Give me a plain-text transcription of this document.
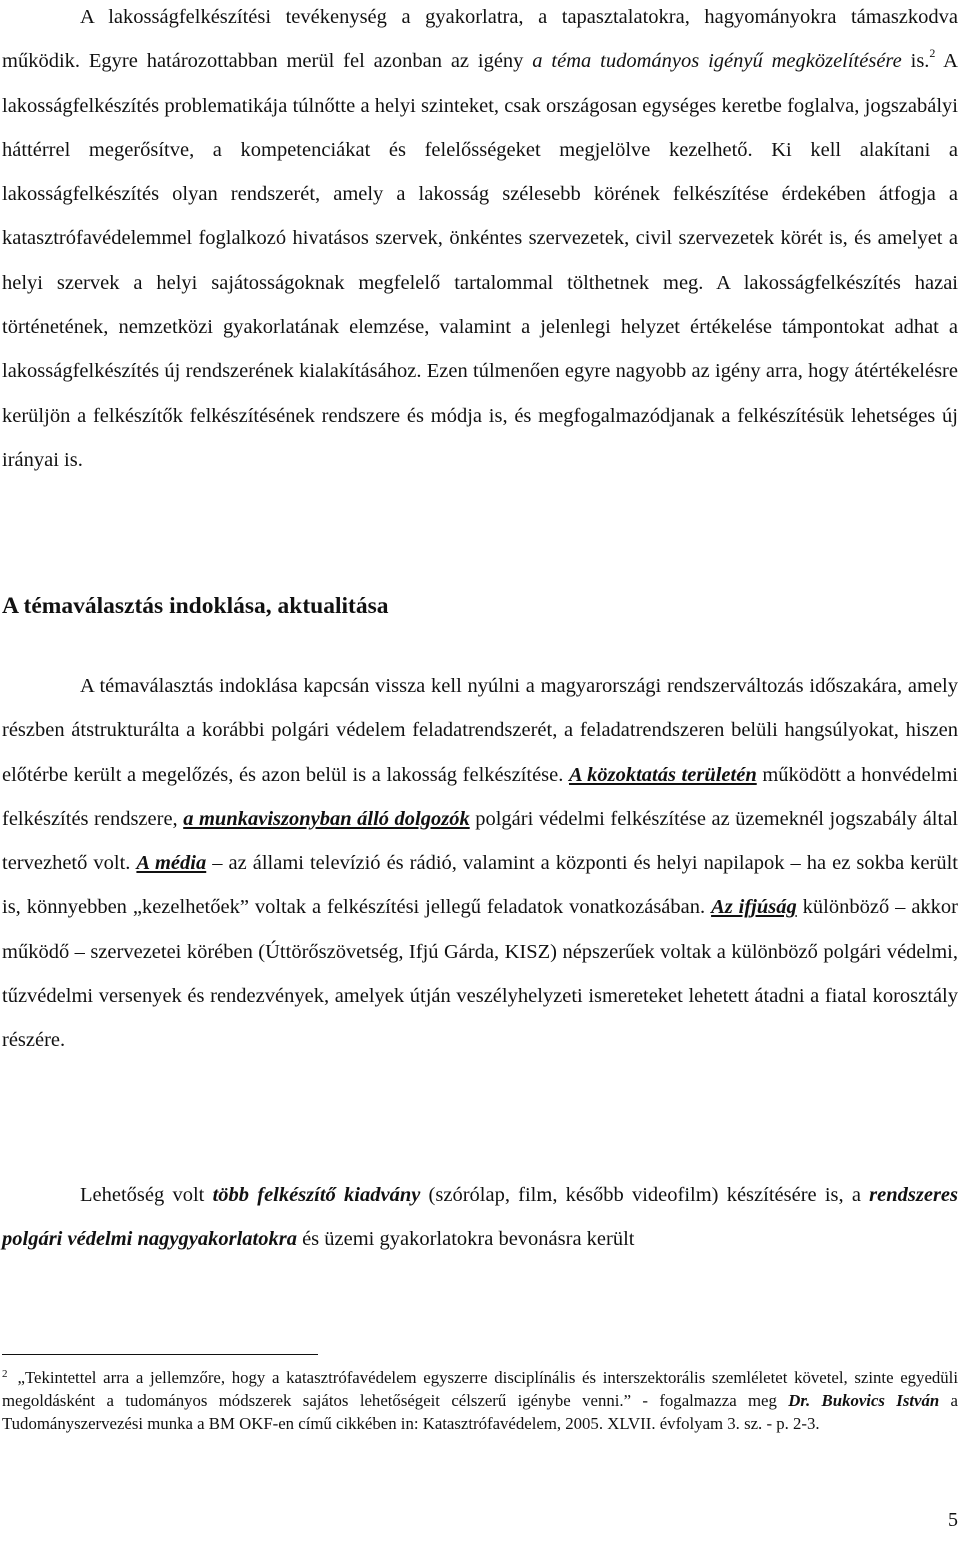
A lakosságfelkészítési tevékenység a gyakorlatra, a tapasztalatokra, hagyományokra támaszkodva működik. Egyre határozottabban merül fel azonban az igény a téma tudományos igényű megközelítésére is.$^2$ A lakosságfelkészítés problematikája túlnőtte a helyi szinteket, csak országosan egységes keretbe foglalva, jogszabályi háttérrel megerősítve, a kompetenciákat és felelősségeket megjelölve kezelhető. Ki kell alakítani a lakosságfelkészítés olyan rendszerét, amely a lakosság szélesebb körének felkészítése érdekében átfogja a katasztrófavédelemmel foglalkozó hivatásos szervek, önkéntes szervezetek, civil szervezetek körét is, és amelyet a helyi szervek a helyi sajátosságoknak megfelelő tartalommal tölthetnek meg. A lakosságfelkészítés hazai történetének, nemzetközi gyakorlatának elemzése, valamint a jelenlegi helyzet értékelése támpontokat adhat a lakosságfelkészítés új rendszerének kialakításához. Ezen túlmenően egyre nagyobb az igény arra, hogy átértékelésre kerüljön a felkészítők felkészítésének rendszere és módja is, és megfogalmazódjanak a felkészítésük lehetséges új irányai is.

A témaválasztás indoklása, aktualitása

A témaválasztás indoklása kapcsán vissza kell nyúlni a magyarországi rendszerváltozás időszakára, amely részben átstrukturálta a korábbi polgári védelem feladatrendszerét, a feladatrendszeren belüli hangsúlyokat, hiszen előtérbe került a megelőzés, és azon belül is a lakosság felkészítése. A közoktatás területén működött a honvédelmi felkészítés rendszere, a munkaviszonyban álló dolgozók polgári védelmi felkészítése az üzemeknél jogszabály által tervezhető volt. A média – az állami televízió és rádió, valamint a központi és helyi napilapok – ha ez sokba került is, könnyebben „kezelhetőek” voltak a felkészítési jellegű feladatok vonatkozásában. Az ifjúság különböző – akkor működő – szervezetei körében (Úttörőszövetség, Ifjú Gárda, KISZ) népszerűek voltak a különböző polgári védelmi, tűzvédelmi versenyek és rendezvények, amelyek útján veszélyhelyzeti ismereteket lehetett átadni a fiatal korosztály részére.

Lehetőség volt több felkészítő kiadvány (szórólap, film, később videofilm) készítésére is, a rendszeres polgári védelmi nagygyakorlatokra és üzemi gyakorlatokra bevonásra került

$^2$ „Tekintettel arra a jellemzőre, hogy a katasztrófavédelem egyszerre disciplínális és interszektorális szemléletet követel, szinte egyedüli megoldásként a tudományos módszerek sajátos lehetőségeit célszerű igénybe venni.” - fogalmazza meg Dr. Bukovics István a Tudományszervezési munka a BM OKF-en című cikkében in: Katasztrófavédelem, 2005. XLVII. évfolyam 3. sz. - p. 2-3.

5
